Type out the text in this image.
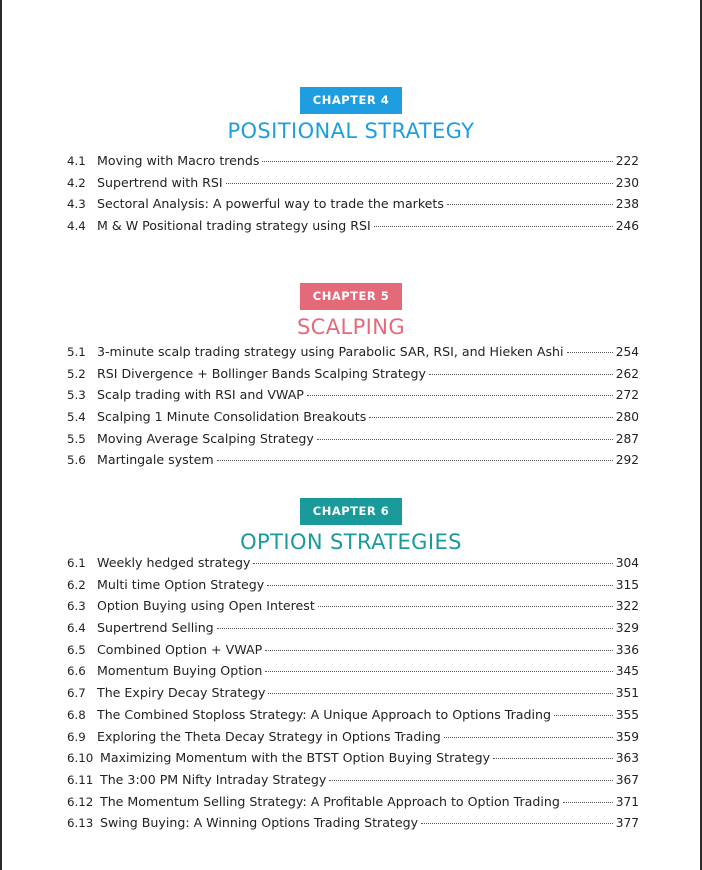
CHAPTER 4
POSITIONAL STRATEGY
4.1 Moving with Macro trends	222
4.2 Supertrend with RSI	230
4.3 Sectoral Analysis: A powerful way to trade the markets	238
4.4 M & W Positional trading strategy using RSI	246
CHAPTER 5
SCALPING
5.1 3-minute scalp trading strategy using Parabolic SAR, RSI, and Hieken Ashi	254
5.2 RSI Divergence + Bollinger Bands Scalping Strategy	262
5.3 Scalp trading with RSI and VWAP	272
5.4 Scalping 1 Minute Consolidation Breakouts	280
5.5 Moving Average Scalping Strategy	287
5.6 Martingale system	292
CHAPTER 6
OPTION STRATEGIES
6.1 Weekly hedged strategy	304
6.2 Multi time Option Strategy	315
6.3 Option Buying using Open Interest	322
6.4 Supertrend Selling	329
6.5 Combined Option + VWAP	336
6.6 Momentum Buying Option	345
6.7 The Expiry Decay Strategy	351
6.8 The Combined Stoploss Strategy: A Unique Approach to Options Trading	355
6.9 Exploring the Theta Decay Strategy in Options Trading	359
6.10 Maximizing Momentum with the BTST Option Buying Strategy	363
6.11 The 3:00 PM Nifty Intraday Strategy	367
6.12 The Momentum Selling Strategy: A Profitable Approach to Option Trading	371
6.13 Swing Buying: A Winning Options Trading Strategy	377
